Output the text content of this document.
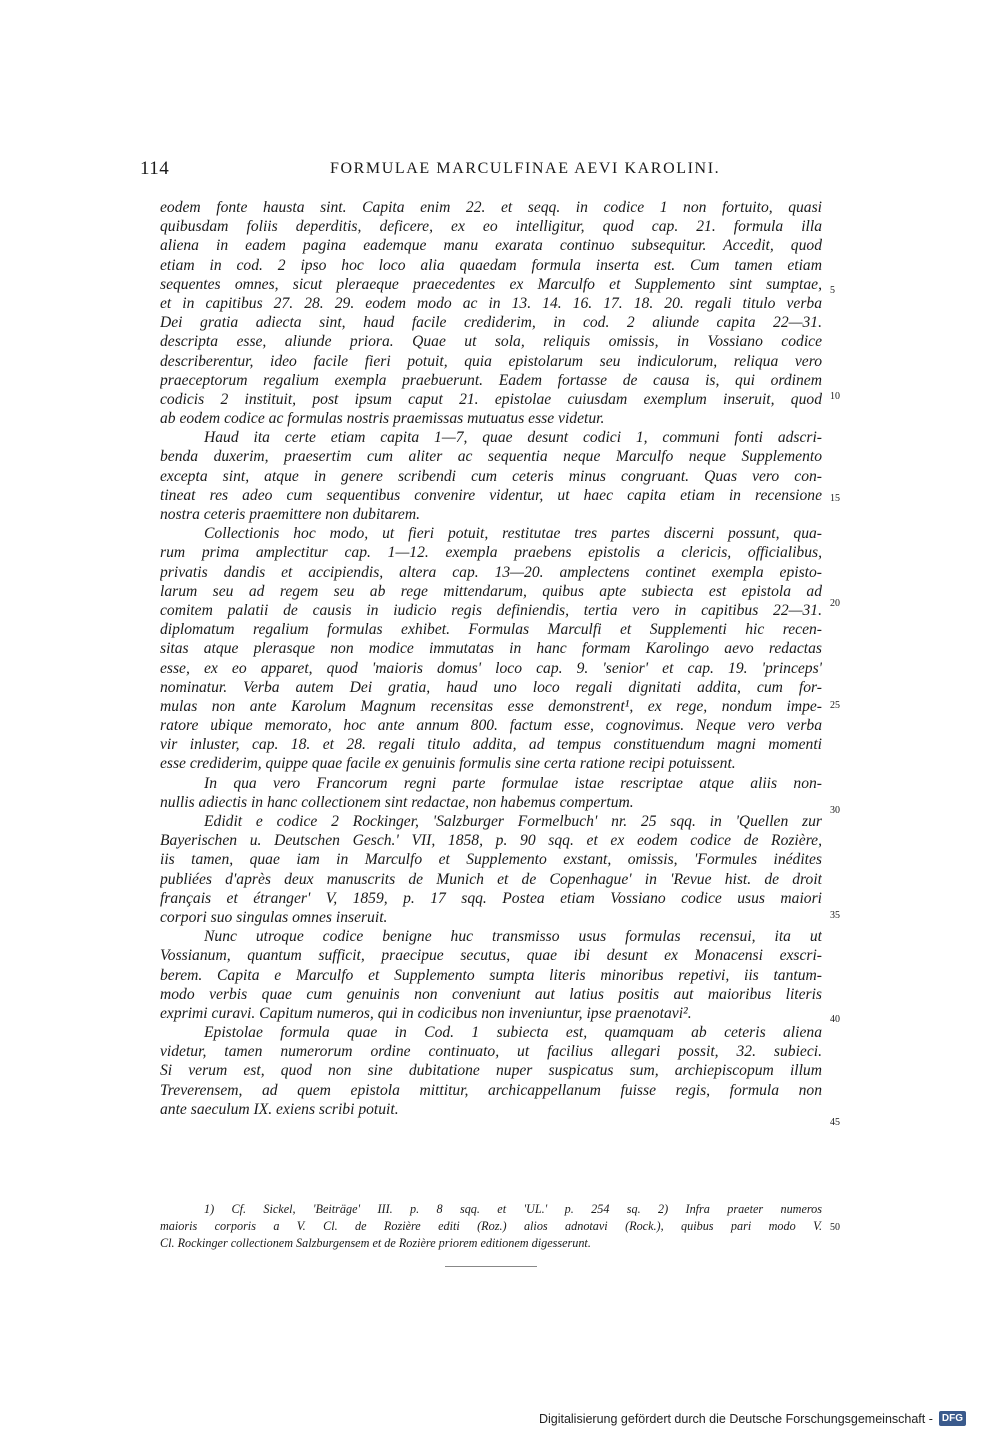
114	FORMULAE MARCULFINAE AEVI KAROLINI.
eodem fonte hausta sint. Capita enim 22. et seqq. in codice 1 non fortuito, quasi
quibusdam foliis deperditis, deficere, ex eo intelligitur, quod cap. 21. formula illa
aliena in eadem pagina eademque manu exarata continuo subsequitur. Accedit, quod
etiam in cod. 2 ipso hoc loco alia quaedam formula inserta est. Cum tamen etiam
sequentes omnes, sicut pleraeque praecedentes ex Marculfo et Supplemento sint sumptae,
et in capitibus 27. 28. 29. eodem modo ac in 13. 14. 16. 17. 18. 20. regali titulo verba
Dei gratia adiecta sint, haud facile crediderim, in cod. 2 aliunde capita 22—31.
descripta esse, aliunde priora. Quae ut sola, reliquis omissis, in Vossiano codice
describerentur, ideo facile fieri potuit, quia epistolarum seu indiculorum, reliqua vero
praeceptorum regalium exempla praebuerunt. Eadem fortasse de causa is, qui ordinem
codicis 2 instituit, post ipsum caput 21. epistolae cuiusdam exemplum inseruit, quod
ab eodem codice ac formulas nostris praemissas mutuatus esse videtur.
Haud ita certe etiam capita 1—7, quae desunt codici 1, communi fonti adscri-
benda duxerim, praesertim cum aliter ac sequentia neque Marculfo neque Supplemento
excepta sint, atque in genere scribendi cum ceteris minus congruant. Quas vero con-
tineat res adeo cum sequentibus convenire videntur, ut haec capita etiam in recensione
nostra ceteris praemittere non dubitarem.
Collectionis hoc modo, ut fieri potuit, restitutae tres partes discerni possunt, qua-
rum prima amplectitur cap. 1—12. exempla praebens epistolis a clericis, officialibus,
privatis dandis et accipiendis, altera cap. 13—20. amplectens continet exempla episto-
larum seu ad regem seu ab rege mittendarum, quibus apte subiecta est epistola ad
comitem palatii de causis in iudicio regis definiendis, tertia vero in capitibus 22—31.
diplomatum regalium formulas exhibet. Formulas Marculfi et Supplementi hic recen-
sitas atque plerasque non modice immutatas in hanc formam Karolingo aevo redactas
esse, ex eo apparet, quod 'maioris domus' loco cap. 9. 'senior' et cap. 19. 'princeps'
nominatur. Verba autem Dei gratia, haud uno loco regali dignitati addita, cum for-
mulas non ante Karolum Magnum recensitas esse demonstrent¹, ex rege, nondum impe-
ratore ubique memorato, hoc ante annum 800. factum esse, cognovimus. Neque vero verba
vir inluster, cap. 18. et 28. regali titulo addita, ad tempus constituendum magni momenti
esse crediderim, quippe quae facile ex genuinis formulis sine certa ratione recipi potuissent.
In qua vero Francorum regni parte formulae istae rescriptae atque aliis non-
nullis adiectis in hanc collectionem sint redactae, non habemus compertum.
Edidit e codice 2 Rockinger, 'Salzburger Formelbuch' nr. 25 sqq. in 'Quellen zur
Bayerischen u. Deutschen Gesch.' VII, 1858, p. 90 sqq. et ex eodem codice de Rozière,
iis tamen, quae iam in Marculfo et Supplemento exstant, omissis, 'Formules inédites
publiées d'après deux manuscrits de Munich et de Copenhague' in 'Revue hist. de droit
français et étranger' V, 1859, p. 17 sqq. Postea etiam Vossiano codice usus maiori
corpori suo singulas omnes inseruit.
Nunc utroque codice benigne huc transmisso usus formulas recensui, ita ut
Vossianum, quantum sufficit, praecipue secutus, quae ibi desunt ex Monacensi exscri-
berem. Capita e Marculfo et Supplemento sumpta literis minoribus repetivi, iis tantum-
modo verbis quae cum genuinis non conveniunt aut latius positis aut maioribus literis
exprimi curavi. Capitum numeros, qui in codicibus non inveniuntur, ipse praenotavi².
Epistolae formula quae in Cod. 1 subiecta est, quamquam ab ceteris aliena
videtur, tamen numerorum ordine continuato, ut facilius allegari possit, 32. subieci.
Si verum est, quod non sine dubitatione nuper suspicatus sum, archiepiscopum illum
Treverensem, ad quem epistola mittitur, archicappellanum fuisse regis, formula non
ante saeculum IX. exiens scribi potuit.
5
10
15
20
25
30
35
40
45
1) Cf. Sickel, 'Beiträge' III. p. 8 sqq. et 'UL.' p. 254 sq. 2) Infra praeter numeros
maioris corporis a V. Cl. de Rozière editi (Roz.) alios adnotavi (Rock.), quibus pari modo V.
Cl. Rockinger collectionem Salzburgensem et de Rozière priorem editionem digesserunt.
50
Digitalisierung gefördert durch die Deutsche Forschungsgemeinschaft - DFG
